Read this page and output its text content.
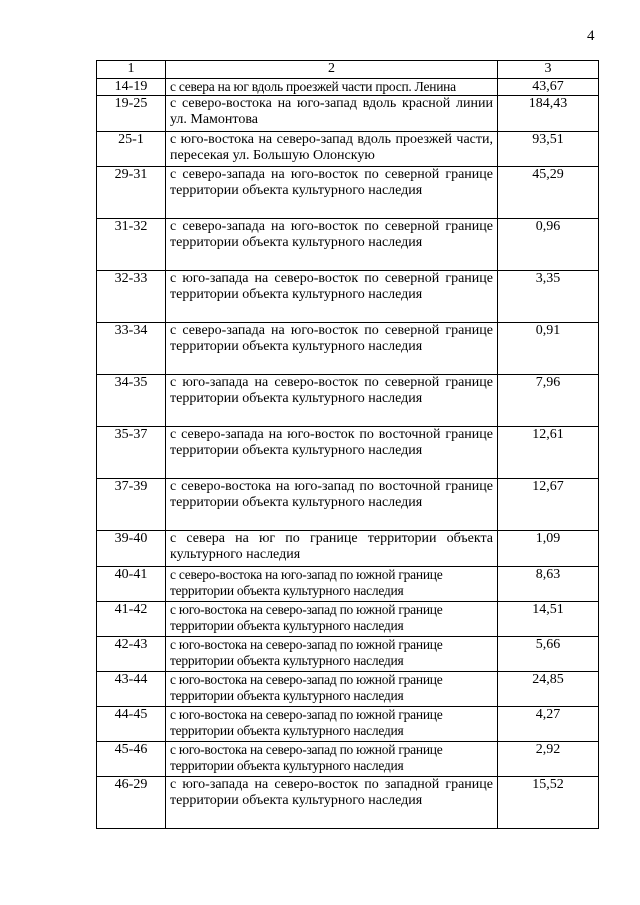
4
1	2	3
14-19	с севера на юг вдоль проезжей части просп. Ленина	43,67
19-25	с северо-востока на юго-запад вдоль красной линии ул. Мамонтова	184,43
25-1	с юго-востока на северо-запад вдоль проезжей части, пересекая ул. Большую Олонскую	93,51
29-31	с северо-запада на юго-восток по северной границе территории объекта культурного наследия	45,29
31-32	с северо-запада на юго-восток по северной границе территории объекта культурного наследия	0,96
32-33	с юго-запада на северо-восток по северной границе территории объекта культурного наследия	3,35
33-34	с северо-запада на юго-восток по северной границе территории объекта культурного наследия	0,91
34-35	с юго-запада на северо-восток по северной границе территории объекта культурного наследия	7,96
35-37	с северо-запада на юго-восток по восточной границе территории объекта культурного наследия	12,61
37-39	с северо-востока на юго-запад по восточной границе территории объекта культурного наследия	12,67
39-40	с севера на юг по границе территории объекта культурного наследия	1,09
40-41	с северо-востока на юго-запад по южной границе территории объекта культурного наследия	8,63
41-42	с юго-востока на северо-запад по южной границе территории объекта культурного наследия	14,51
42-43	с юго-востока на северо-запад по южной границе территории объекта культурного наследия	5,66
43-44	с юго-востока на северо-запад по южной границе территории объекта культурного наследия	24,85
44-45	с юго-востока на северо-запад по южной границе территории объекта культурного наследия	4,27
45-46	с юго-востока на северо-запад по южной границе территории объекта культурного наследия	2,92
46-29	с юго-запада на северо-восток по западной границе территории объекта культурного наследия	15,52
